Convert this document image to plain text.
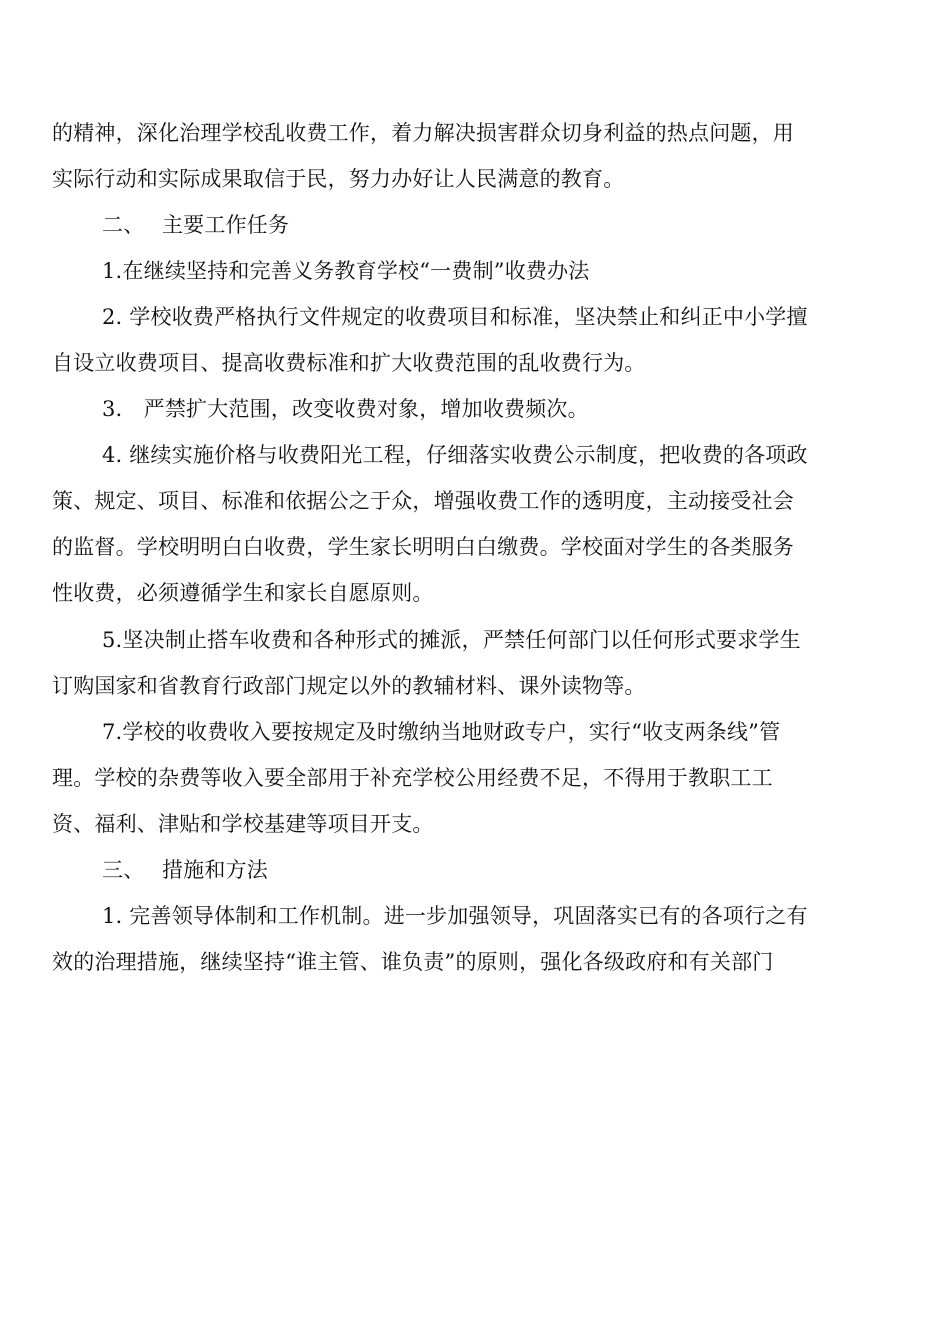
的精神，深化治理学校乱收费工作，着力解决损害群众切身利益的热点问题，用
实际行动和实际成果取信于民，努力办好让人民满意的教育。
二、　 主要工作任务
1.在继续坚持和完善义务教育学校“一费制”收费办法
2. 学校收费严格执行文件规定的收费项目和标准，坚决禁止和纠正中小学擅
自设立收费项目、提高收费标准和扩大收费范围的乱收费行为。
3.　严禁扩大范围，改变收费对象，增加收费频次。
4. 继续实施价格与收费阳光工程，仔细落实收费公示制度，把收费的各项政
策、规定、项目、标准和依据公之于众，增强收费工作的透明度，主动接受社会
的监督。学校明明白白收费，学生家长明明白白缴费。学校面对学生的各类服务
性收费，必须遵循学生和家长自愿原则。
5.坚决制止搭车收费和各种形式的摊派，严禁任何部门以任何形式要求学生
订购国家和省教育行政部门规定以外的教辅材料、课外读物等。
7.学校的收费收入要按规定及时缴纳当地财政专户，实行“收支两条线”管
理。学校的杂费等收入要全部用于补充学校公用经费不足，不得用于教职工工
资、福利、津贴和学校基建等项目开支。
三、　 措施和方法
1. 完善领导体制和工作机制。进一步加强领导，巩固落实已有的各项行之有
效的治理措施，继续坚持“谁主管、谁负责”的原则，强化各级政府和有关部门
